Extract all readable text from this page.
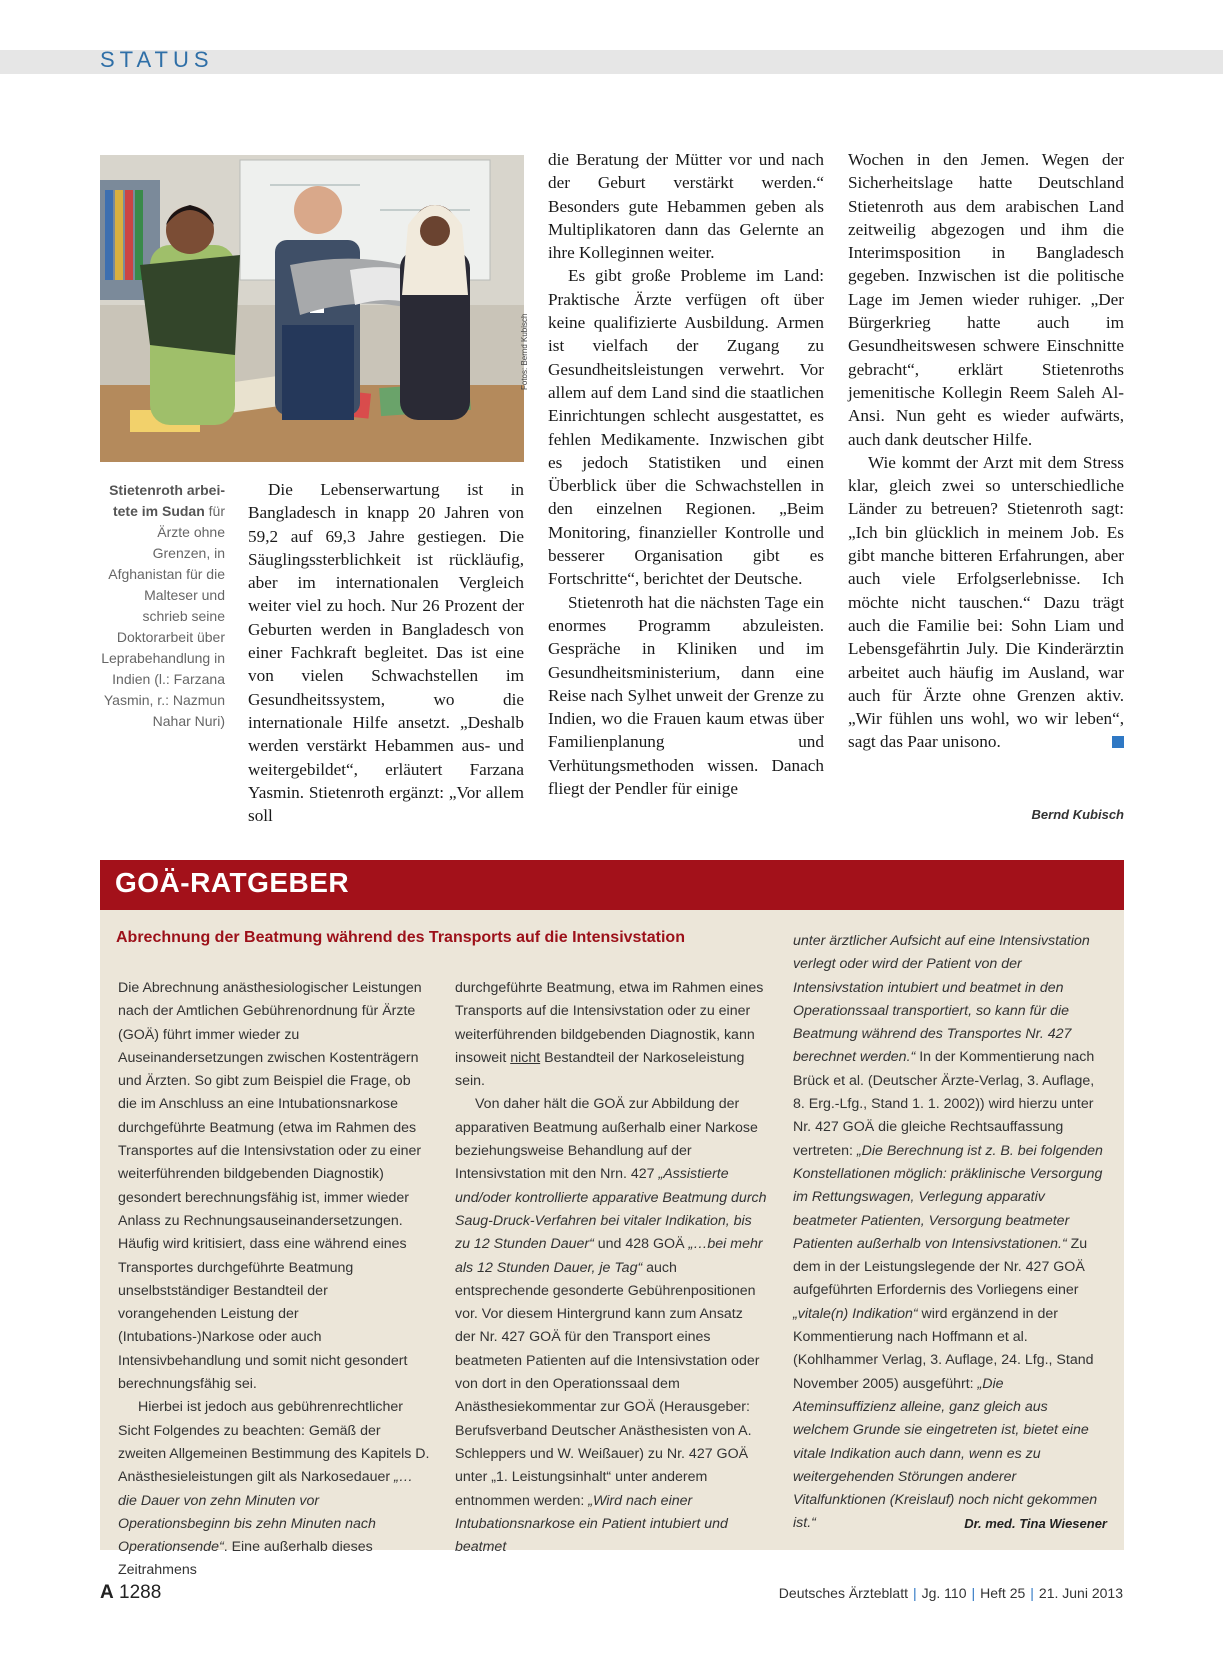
STATUS
Fotos: Bernd Kubisch
Stietenroth arbei-tete im Sudan für Ärzte ohne Grenzen, in Afghanistan für die Malteser und schrieb seine Doktorarbeit über Leprabehandlung in Indien (l.: Farzana Yasmin, r.: Nazmun Nahar Nuri)

Die Lebenserwartung ist in Bangladesch in knapp 20 Jahren von 59,2 auf 69,3 Jahre gestiegen. Die Säuglingssterblichkeit ist rückläufig, aber im internationalen Vergleich weiter viel zu hoch. Nur 26 Prozent der Geburten werden in Bangladesch von einer Fachkraft begleitet. Das ist eine von vielen Schwachstellen im Gesundheitssystem, wo die internationale Hilfe ansetzt. „Deshalb werden verstärkt Hebammen aus- und weitergebildet“, erläutert Farzana Yasmin. Stietenroth ergänzt: „Vor allem soll

die Beratung der Mütter vor und nach der Geburt verstärkt werden.“ Besonders gute Hebammen geben als Multiplikatoren dann das Gelernte an ihre Kolleginnen weiter.

Es gibt große Probleme im Land: Praktische Ärzte verfügen oft über keine qualifizierte Ausbildung. Armen ist vielfach der Zugang zu Gesundheitsleistungen verwehrt. Vor allem auf dem Land sind die staatlichen Einrichtungen schlecht ausgestattet, es fehlen Medikamente. Inzwischen gibt es jedoch Statistiken und einen Überblick über die Schwachstellen in den einzelnen Regionen. „Beim Monitoring, finanzieller Kontrolle und besserer Organisation gibt es Fortschritte“, berichtet der Deutsche.

Stietenroth hat die nächsten Tage ein enormes Programm abzuleisten. Gespräche in Kliniken und im Gesundheitsministerium, dann eine Reise nach Sylhet unweit der Grenze zu Indien, wo die Frauen kaum etwas über Familienplanung und Verhütungsmethoden wissen. Danach fliegt der Pendler für einige

Wochen in den Jemen. Wegen der Sicherheitslage hatte Deutschland Stietenroth aus dem arabischen Land zeitweilig abgezogen und ihm die Interimsposition in Bangladesch gegeben. Inzwischen ist die politische Lage im Jemen wieder ruhiger. „Der Bürgerkrieg hatte auch im Gesundheitswesen schwere Einschnitte gebracht“, erklärt Stietenroths jemenitische Kollegin Reem Saleh Al-Ansi. Nun geht es wieder aufwärts, auch dank deutscher Hilfe.

Wie kommt der Arzt mit dem Stress klar, gleich zwei so unterschiedliche Länder zu betreuen? Stietenroth sagt: „Ich bin glücklich in meinem Job. Es gibt manche bitteren Erfahrungen, aber auch viele Erfolgserlebnisse. Ich möchte nicht tauschen.“ Dazu trägt auch die Familie bei: Sohn Liam und Lebensgefährtin July. Die Kinderärztin arbeitet auch häufig im Ausland, war auch für Ärzte ohne Grenzen aktiv. „Wir fühlen uns wohl, wo wir leben“, sagt das Paar unisono.

Bernd Kubisch
GOÄ-RATGEBER
Abrechnung der Beatmung während des Transports auf die Intensivstation

Die Abrechnung anästhesiologischer Leistungen nach der Amtlichen Gebührenordnung für Ärzte (GOÄ) führt immer wieder zu Auseinandersetzungen zwischen Kostenträgern und Ärzten. So gibt zum Beispiel die Frage, ob die im Anschluss an eine Intubationsnarkose durchgeführte Beatmung (etwa im Rahmen des Transportes auf die Intensivstation oder zu einer weiterführenden bildgebenden Diagnostik) gesondert berechnungsfähig ist, immer wieder Anlass zu Rechnungsauseinandersetzungen. Häufig wird kritisiert, dass eine während eines Transportes durchgeführte Beatmung unselbstständiger Bestandteil der vorangehenden Leistung der (Intubations-)Narkose oder auch Intensivbehandlung und somit nicht gesondert berechnungsfähig sei.

Hierbei ist jedoch aus gebührenrechtlicher Sicht Folgendes zu beachten: Gemäß der zweiten Allgemeinen Bestimmung des Kapitels D. Anästhesieleistungen gilt als Narkosedauer „…die Dauer von zehn Minuten vor Operationsbeginn bis zehn Minuten nach Operationsende“. Eine außerhalb dieses Zeitrahmens

durchgeführte Beatmung, etwa im Rahmen eines Transports auf die Intensivstation oder zu einer weiterführenden bildgebenden Diagnostik, kann insoweit nicht Bestandteil der Narkoseleistung sein.

Von daher hält die GOÄ zur Abbildung der apparativen Beatmung außerhalb einer Narkose beziehungsweise Behandlung auf der Intensivstation mit den Nrn. 427 „Assistierte und/oder kontrollierte apparative Beatmung durch Saug-Druck-Verfahren bei vitaler Indikation, bis zu 12 Stunden Dauer“ und 428 GOÄ „…bei mehr als 12 Stunden Dauer, je Tag“ auch entsprechende gesonderte Gebührenpositionen vor. Vor diesem Hintergrund kann zum Ansatz der Nr. 427 GOÄ für den Transport eines beatmeten Patienten auf die Intensivstation oder von dort in den Operationssaal dem Anästhesiekommentar zur GOÄ (Herausgeber: Berufsverband Deutscher Anästhesisten von A. Schleppers und W. Weißauer) zu Nr. 427 GOÄ unter „1. Leistungsinhalt“ unter anderem entnommen werden: „Wird nach einer Intubationsnarkose ein Patient intubiert und beatmet

unter ärztlicher Aufsicht auf eine Intensivstation verlegt oder wird der Patient von der Intensivstation intubiert und beatmet in den Operationssaal transportiert, so kann für die Beatmung während des Transportes Nr. 427 berechnet werden.“ In der Kommentierung nach Brück et al. (Deutscher Ärzte-Verlag, 3. Auflage, 8. Erg.-Lfg., Stand 1. 1. 2002)) wird hierzu unter Nr. 427 GOÄ die gleiche Rechtsauffassung vertreten: „Die Berechnung ist z. B. bei folgenden Konstellationen möglich: präklinische Versorgung im Rettungswagen, Verlegung apparativ beatmeter Patienten, Versorgung beatmeter Patienten außerhalb von Intensivstationen.“ Zu dem in der Leistungslegende der Nr. 427 GOÄ aufgeführten Erfordernis des Vorliegens einer „vitale(n) Indikation“ wird ergänzend in der Kommentierung nach Hoffmann et al. (Kohlhammer Verlag, 3. Auflage, 24. Lfg., Stand November 2005) ausgeführt: „Die Ateminsuffizienz alleine, ganz gleich aus welchem Grunde sie eingetreten ist, bietet eine vitale Indikation auch dann, wenn es zu weitergehenden Störungen anderer Vitalfunktionen (Kreislauf) noch nicht gekommen ist.“	Dr. med. Tina Wiesener
A 1288	Deutsches Ärzteblatt | Jg. 110 | Heft 25 | 21. Juni 2013
